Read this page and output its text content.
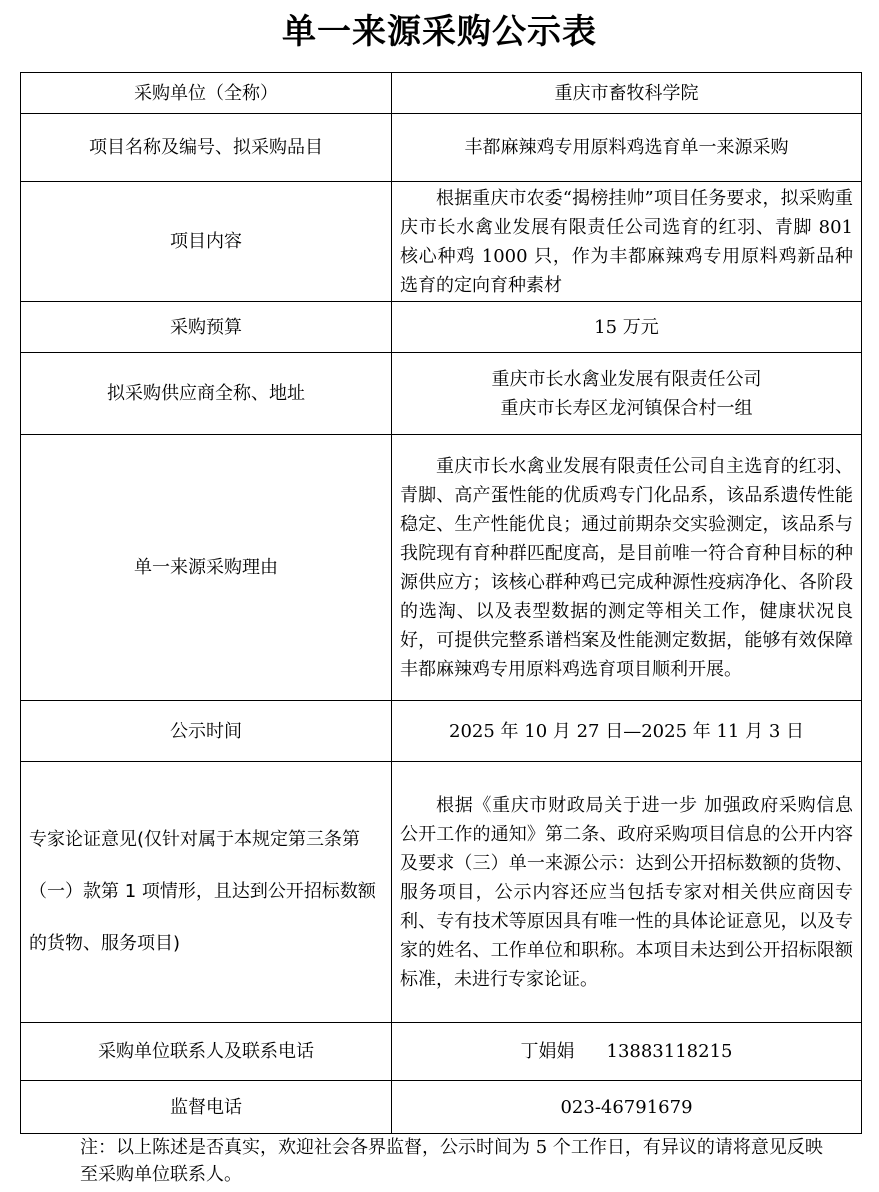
单一来源采购公示表
采购单位（全称）	重庆市畜牧科学院
项目名称及编号、拟采购品目	丰都麻辣鸡专用原料鸡选育单一来源采购
项目内容	根据重庆市农委“揭榜挂帅”项目任务要求，拟采购重庆市长水禽业发展有限责任公司选育的红羽、青脚 801 核心种鸡 1000 只，作为丰都麻辣鸡专用原料鸡新品种选育的定向育种素材

采购预算	15 万元
拟采购供应商全称、地址	重庆市长水禽业发展有限责任公司
重庆市长寿区龙河镇保合村一组

单一来源采购理由	重庆市长水禽业发展有限责任公司自主选育的红羽、青脚、高产蛋性能的优质鸡专门化品系，该品系遗传性能稳定、生产性能优良；通过前期杂交实验测定，该品系与我院现有育种群匹配度高，是目前唯一符合育种目标的种源供应方；该核心群种鸡已完成种源性疫病净化、各阶段的选淘、以及表型数据的测定等相关工作，健康状况良好，可提供完整系谱档案及性能测定数据，能够有效保障丰都麻辣鸡专用原料鸡选育项目顺利开展。

公示时间	2025 年 10 月 27 日—2025 年 11 月 3 日

专家论证意见(仅针对属于本规定第三条第（一）款第 1 项情形，且达到公开招标数额的货物、服务项目)	根据《重庆市财政局关于进一步 加强政府采购信息公开工作的通知》第二条、政府采购项目信息的公开内容及要求（三）单一来源公示：达到公开招标数额的货物、服务项目，公示内容还应当包括专家对相关供应商因专利、专有技术等原因具有唯一性的具体论证意见，以及专家的姓名、工作单位和职称。本项目未达到公开招标限额标准，未进行专家论证。

采购单位联系人及联系电话	丁娟娟 13883118215
监督电话	023-46791679
注：以上陈述是否真实，欢迎社会各界监督，公示时间为 5 个工作日，有异议的请将意见反映至采购单位联系人。
